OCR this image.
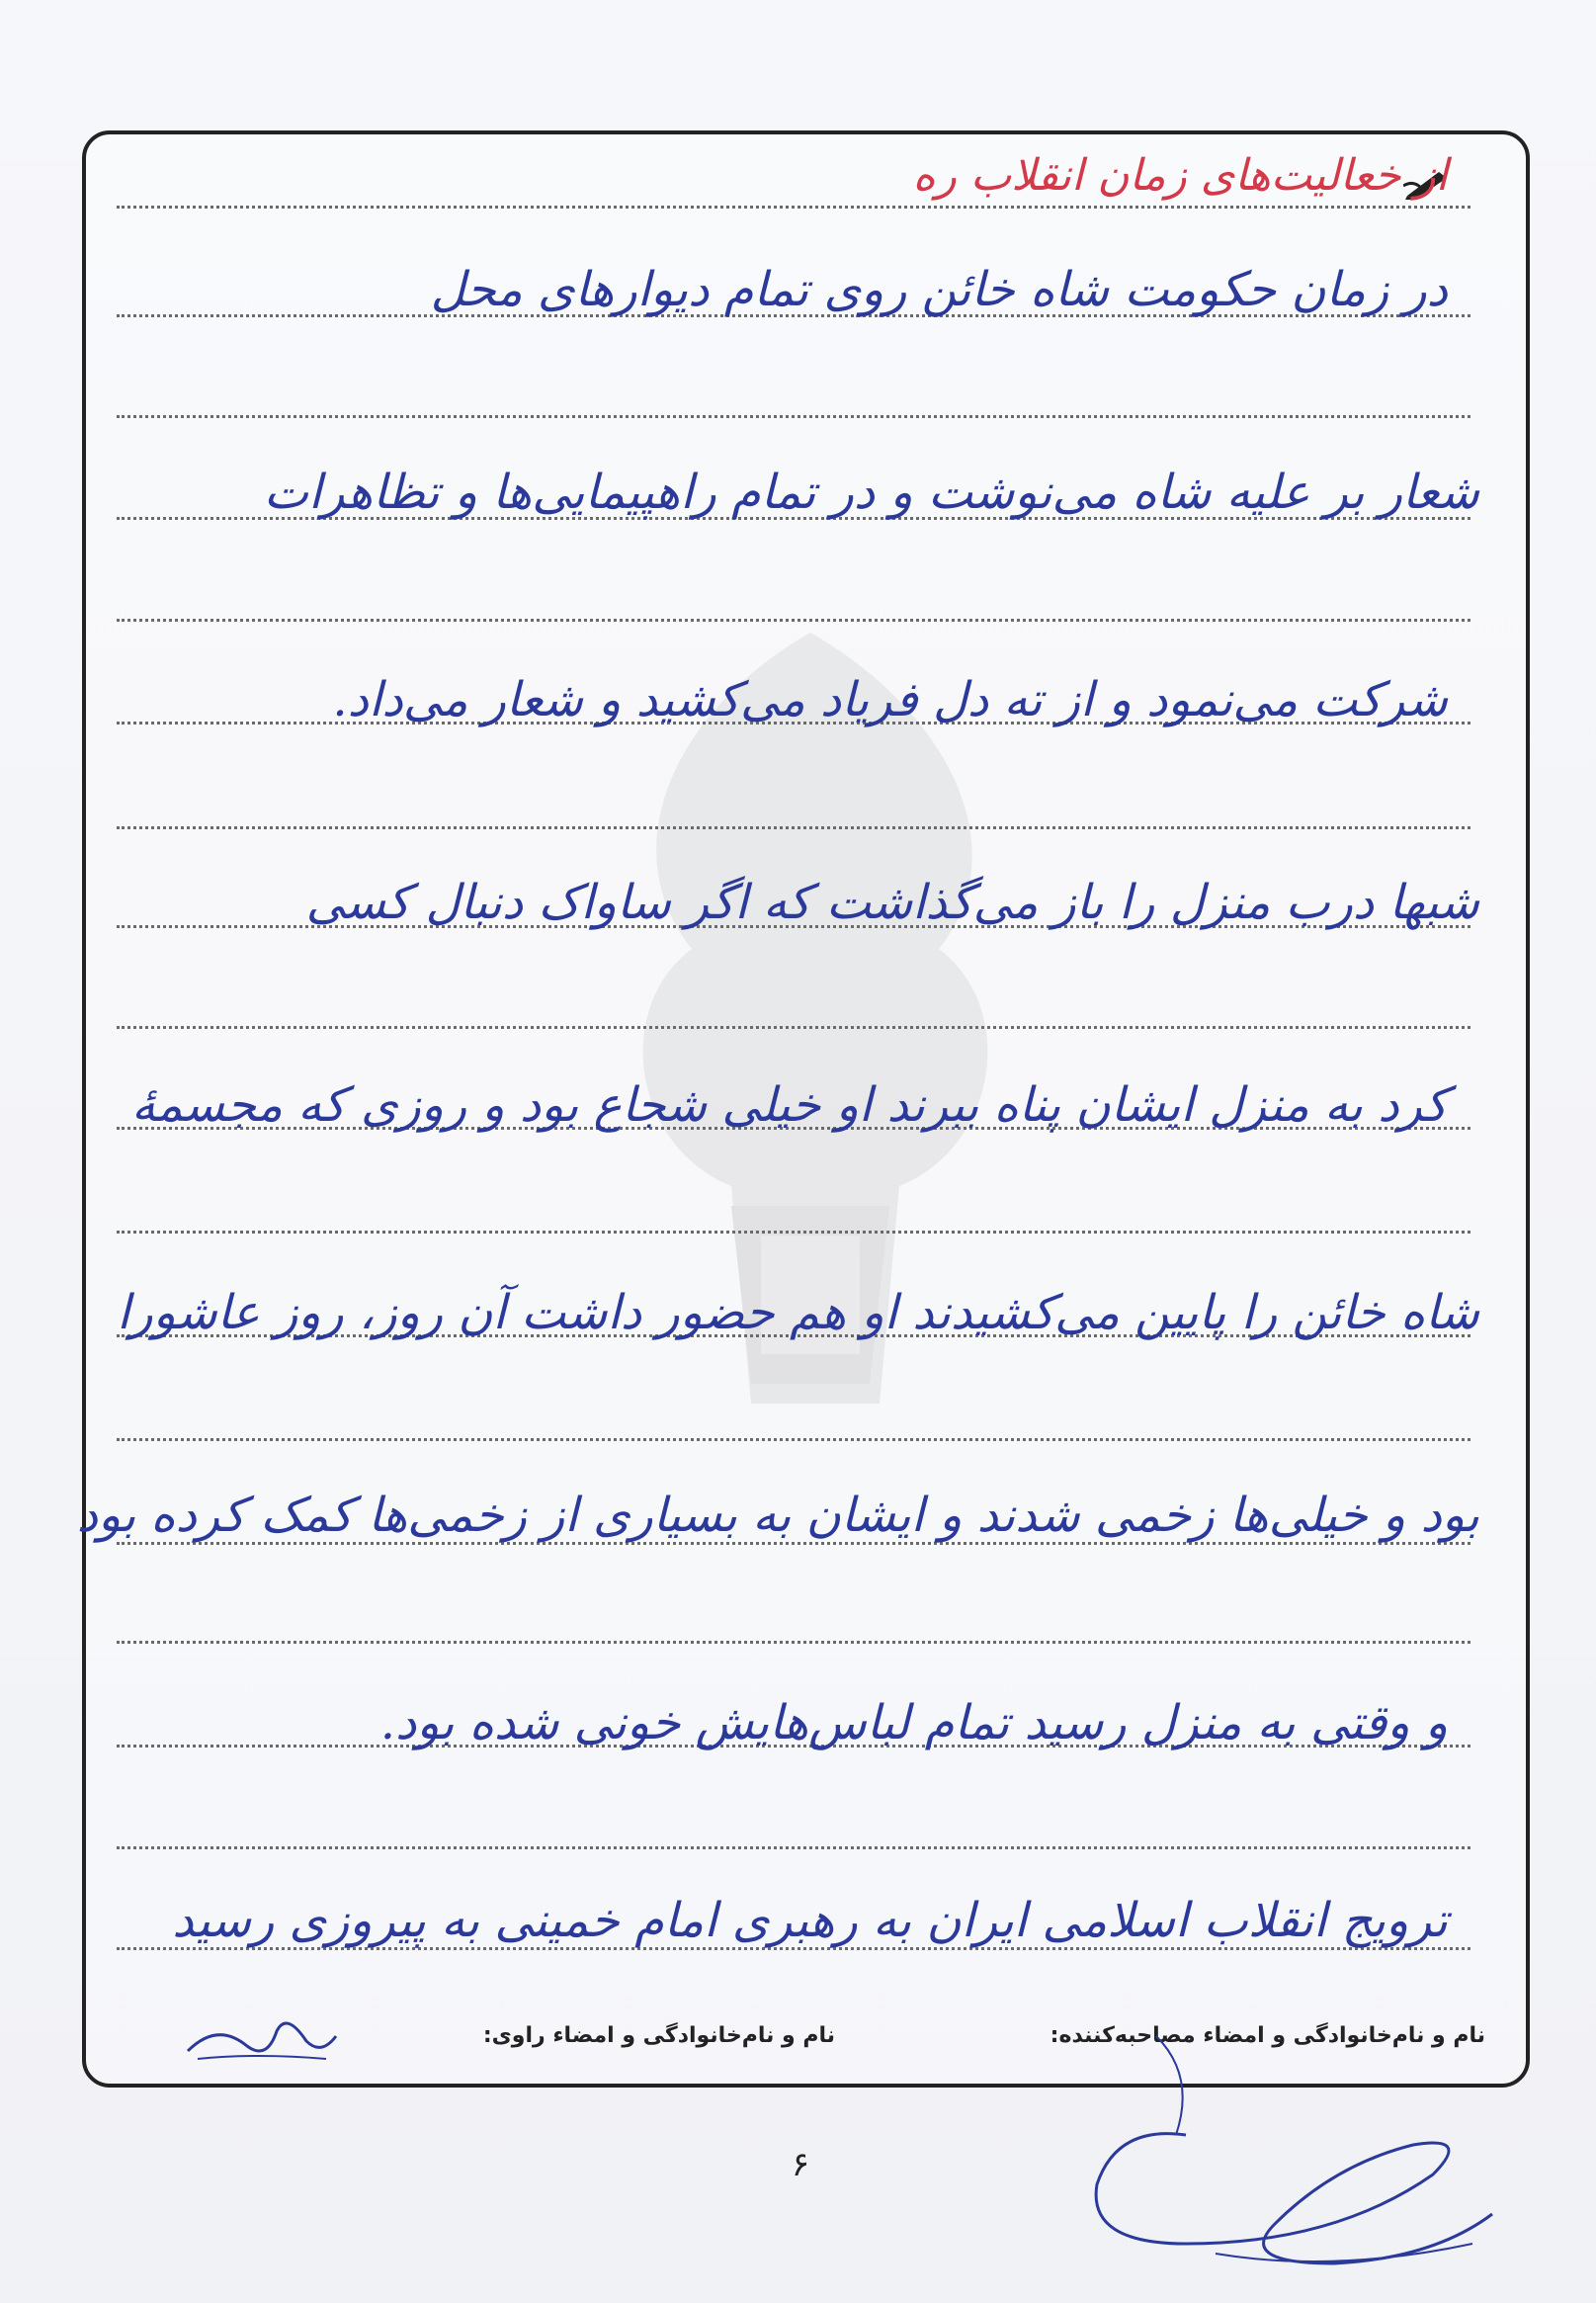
از خعالیت‌های زمان انقلاب ره
در زمان حکومت شاه خائن روی تمام دیوارهای محل
شعار بر علیه شاه می‌نوشت و در تمام راهپیمایی‌ها و تظاهرات
شرکت می‌نمود و از ته دل فریاد می‌کشید و شعار می‌داد.
شبها درب منزل را باز می‌گذاشت که اگر ساواک دنبال کسی
کرد به منزل ایشان پناه ببرند او خیلی شجاع بود و روزی که مجسمهٔ
شاه خائن را پایین می‌کشیدند او هم حضور داشت آن روز، روز عاشورا
بود و خیلی‌ها زخمی شدند و ایشان به بسیاری از زخمی‌ها کمک کرده بود
و وقتی به منزل رسید تمام لباس‌هایش خونی شده بود.
ترویج انقلاب اسلامی ایران به رهبری امام خمینی به پیروزی رسید
نام و نام‌خانوادگی و امضاء مصاحبه‌کننده:
نام و نام‌خانوادگی و امضاء راوی:
۶
